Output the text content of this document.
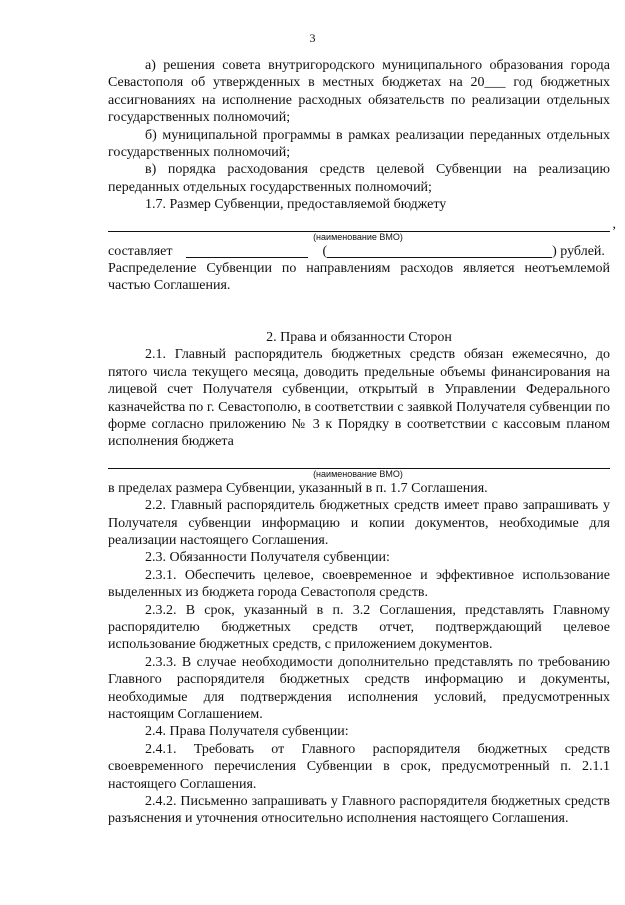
3

а) решения совета внутригородского муниципального образования города Севастополя об утвержденных в местных бюджетах на 20___ год бюджетных ассигнованиях на исполнение расходных обязательств по реализации отдельных государственных полномочий;

б) муниципальной программы в рамках реализации переданных отдельных государственных полномочий;

в) порядка расходования средств целевой Субвенции на реализацию переданных отдельных государственных полномочий;

1.7. Размер Субвенции, предоставляемой бюджету

,
(наименование ВМО)
составляет	(	) рублей.

Распределение Субвенции по направлениям расходов является неотъемлемой частью Соглашения.

2. Права и обязанности Сторон

2.1. Главный распорядитель бюджетных средств обязан ежемесячно, до пятого числа текущего месяца, доводить предельные объемы финансирования на лицевой счет Получателя субвенции, открытый в Управлении Федерального казначейства по г. Севастополю, в соответствии с заявкой Получателя субвенции по форме согласно приложению № 3 к Порядку в соответствии с кассовым планом исполнения бюджета

(наименование ВМО)

в пределах размера Субвенции, указанный в п. 1.7 Соглашения.

2.2. Главный распорядитель бюджетных средств имеет право запрашивать у Получателя субвенции информацию и копии документов, необходимые для реализации настоящего Соглашения.

2.3. Обязанности Получателя субвенции:

2.3.1. Обеспечить целевое, своевременное и эффективное использование выделенных из бюджета города Севастополя средств.

2.3.2. В срок, указанный в п. 3.2 Соглашения, представлять Главному распорядителю бюджетных средств отчет, подтверждающий целевое использование бюджетных средств, с приложением документов.

2.3.3. В случае необходимости дополнительно представлять по требованию Главного распорядителя бюджетных средств информацию и документы, необходимые для подтверждения исполнения условий, предусмотренных настоящим Соглашением.

2.4. Права Получателя субвенции:

2.4.1. Требовать от Главного распорядителя бюджетных средств своевременного перечисления Субвенции в срок, предусмотренный п. 2.1.1 настоящего Соглашения.

2.4.2. Письменно запрашивать у Главного распорядителя бюджетных средств разъяснения и уточнения относительно исполнения настоящего Соглашения.
